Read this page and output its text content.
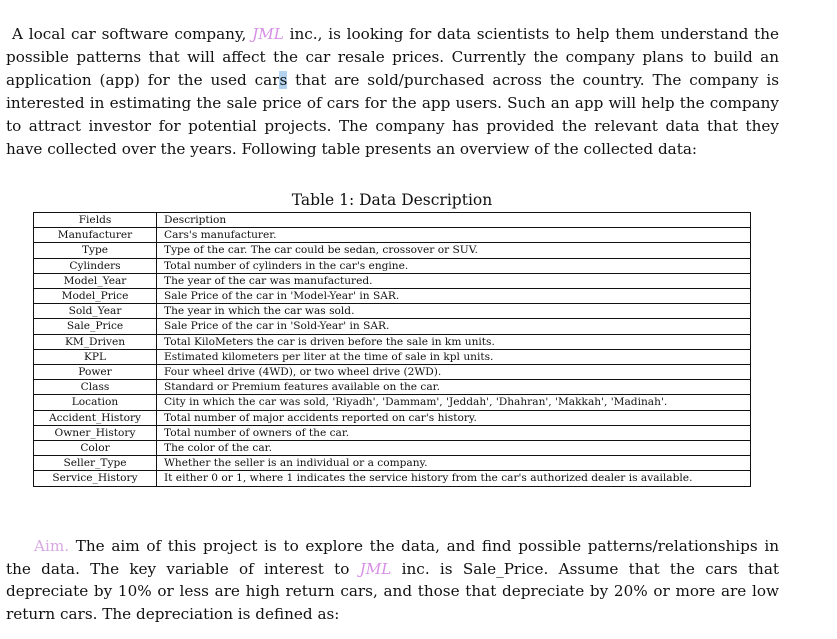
A local car software company, JML inc., is looking for data scientists to help them understand the possible patterns that will affect the car resale prices. Currently the company plans to build an application (app) for the used cars that are sold/purchased across the country. The company is interested in estimating the sale price of cars for the app users. Such an app will help the company to attract investor for potential projects. The company has provided the relevant data that they have collected over the years. Following table presents an overview of the collected data:

Table 1: Data Description

Fields	Description
Manufacturer	Cars's manufacturer.
Type	Type of the car. The car could be sedan, crossover or SUV.
Cylinders	Total number of cylinders in the car's engine.
Model_Year	The year of the car was manufactured.
Model_Price	Sale Price of the car in 'Model-Year' in SAR.
Sold_Year	The year in which the car was sold.
Sale_Price	Sale Price of the car in 'Sold-Year' in SAR.
KM_Driven	Total KiloMeters the car is driven before the sale in km units.
KPL	Estimated kilometers per liter at the time of sale in kpl units.
Power	Four wheel drive (4WD), or two wheel drive (2WD).
Class	Standard or Premium features available on the car.
Location	City in which the car was sold, 'Riyadh', 'Dammam', 'Jeddah', 'Dhahran', 'Makkah', 'Madinah'.
Accident_History	Total number of major accidents reported on car's history.
Owner_History	Total number of owners of the car.
Color	The color of the car.
Seller_Type	Whether the seller is an individual or a company.
Service_History	It either 0 or 1, where 1 indicates the service history from the car's authorized dealer is available.

Aim. The aim of this project is to explore the data, and find possible patterns/relationships in the data. The key variable of interest to JML inc. is Sale_Price. Assume that the cars that depreciate by 10% or less are high return cars, and those that depreciate by 20% or more are low return cars. The depreciation is defined as:
